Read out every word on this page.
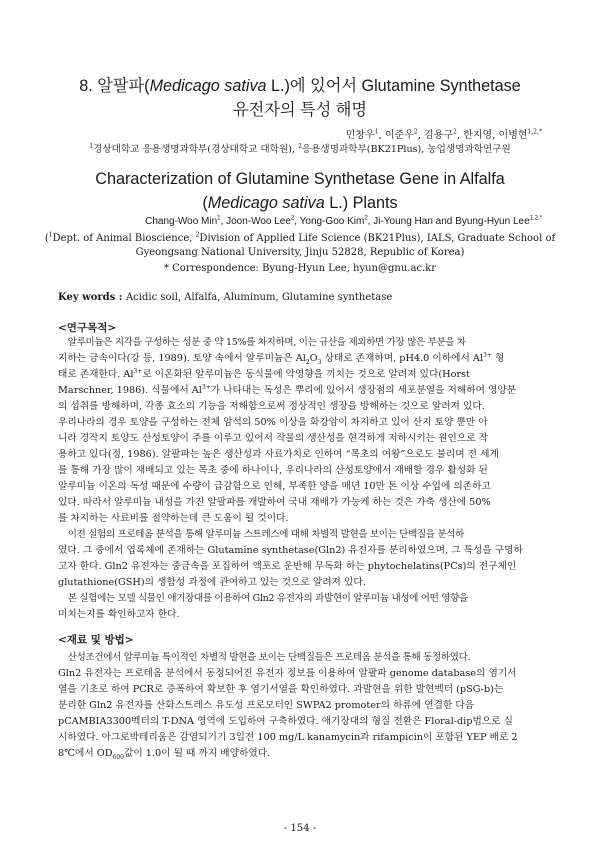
8. 알팔파(Medicago sativa L.)에 있어서 Glutamine Synthetase
유전자의 특성 해명
민창우$^1$, 이준우$^2$, 김용구$^2$, 한지영, 이병현$^{1,2,*}$
$^1$경상대학교 응용생명과학부(경상대학교 대학원), $^2$응용생명과학부(BK21Plus), 농업생명과학연구원
Characterization of Glutamine Synthetase Gene in Alfalfa
(Medicago sativa L.) Plants
Chang-Woo Min$^1$, Joon-Woo Lee$^2$, Yong-Goo Kim$^2$, Ji-Young Han and Byung-Hyun Lee$^{1,2,*}$
($^1$Dept. of Animal Bioscience, $^2$Division of Applied Life Science (BK21Plus), IALS, Graduate School of
Gyeongsang National University, Jinju 52828, Republic of Korea)
* Correspondence: Byung-Hyun Lee, hyun@gnu.ac.kr
Key words : Acidic soil, Alfalfa, Aluminum, Glutamine synthetase
<연구목적>
알루미늄은 지각을 구성하는 성분 중 약 15%를 차지하며, 이는 규산을 제외하면 가장 많은 부분을 차
지하는 금속이다(강 등, 1989). 토양 속에서 알루미늄은 $Al_2O_3$ 상태로 존재하며, pH4.0 이하에서 $Al^{3+}$ 형
태로 존재한다. $Al^{3+}$로 이온화된 알루미늄은 동식물에 악영향을 끼치는 것으로 알려져 있다(Horst
Marschner, 1986). 식물에서 $Al^{3+}$가 나타내는 독성은 뿌리에 있어서 생장점의 세포분열을 저해하여 영양분
의 섭취를 방해하며, 각종 효소의 기능을 저해함으로써 정상적인 생장을 방해하는 것으로 알려져 있다.
우리나라의 경우 토양을 구성하는 전체 암석의 50% 이상을 화강암이 차지하고 있어 산지 토양 뿐만 아
니라 경작지 토양도 산성토양이 주를 이루고 있어서 작물의 생산성을 현격하게 저하시키는 원인으로 작
용하고 있다(정, 1986). 알팔파는 높은 생산성과 사료가치로 인하여 “목초의 여왕”으로도 불리며 전 세계
를 통해 가장 많이 재배되고 있는 목초 중에 하나이나, 우리나라의 산성토양에서 재배할 경우 활성화 된
알루미늄 이온의 독성 때문에 수량이 급감함으로 인해, 부족한 양을 매년 10만 톤 이상 수입에 의존하고
있다. 따라서 알루미늄 내성을 가진 알팔파를 개발하여 국내 재배가 가능케 하는 것은 가축 생산에 50%
를 차지하는 사료비를 절약하는데 큰 도움이 될 것이다.
이전 실험의 프로테옴 분석을 통해 알루미늄 스트레스에 대해 차별적 발현을 보이는 단백질을 분석하
였다. 그 중에서 엽록체에 존재하는 Glutamine synthetase(Gln2) 유전자를 분리하였으며, 그 특성을 구명하
고자 한다. Gln2 유전자는 중금속을 포집하여 액포로 운반해 무독화 하는 phytochelatins(PCs)의 전구체인
glutathione(GSH)의 생합성 과정에 관여하고 있는 것으로 알려져 있다.
본 실험에는 모델 식물인 애기장대를 이용하여 Gln2 유전자의 과발현이 알루미늄 내성에 어떤 영향을
미치는지를 확인하고자 한다.
<재료 및 방법>
산성조건에서 알루미늄 특이적인 차별적 발현을 보이는 단백질들은 프로테옴 분석을 통해 동정하였다.
Gln2 유전자는 프로테옴 분석에서 동정되어진 유전자 정보를 이용하여 알팔파 genome database의 염기서
열을 기초로 하여 PCR로 증폭하여 확보한 후 염기서열을 확인하였다. 과발현을 위한 발현벡터 (pSG-b)는
분리한 Gln2 유전자를 산화스트레스 유도성 프로모터인 SWPA2 promoter의 하류에 연결한 다음
pCAMBIA3300벡터의 T-DNA 영역에 도입하여 구축하였다. 애기장대의 형질 전환은 Floral-dip법으로 실
시하였다. 아그로박테리움은 감염되기기 3일전 100 mg/L kanamycin과 rifampicin이 포함된 YEP 배로 2
8℃에서 $OD_{600}$값이 1.0이 될 때 까지 배양하였다.
- 154 -
